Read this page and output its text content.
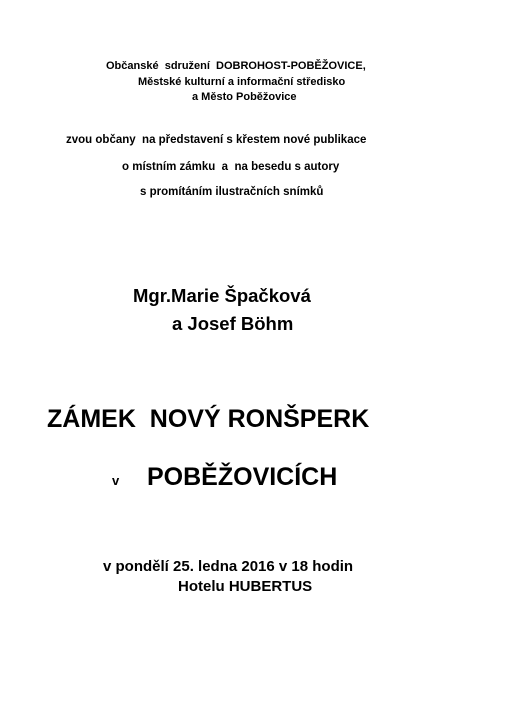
Občanské  sdružení  DOBROHOST-POBĚŽOVICE,
Městské kulturní a informační středisko
a Město Poběžovice
zvou občany  na představení s křestem nové publikace
o místním zámku  a  na besedu s autory
s promítáním ilustračních snímků
Mgr.Marie Špačková
a Josef Böhm
ZÁMEK  NOVÝ RONŠPERK
v POBĚŽOVICÍCH
v pondělí 25. ledna 2016 v 18 hodin
Hotelu HUBERTUS
